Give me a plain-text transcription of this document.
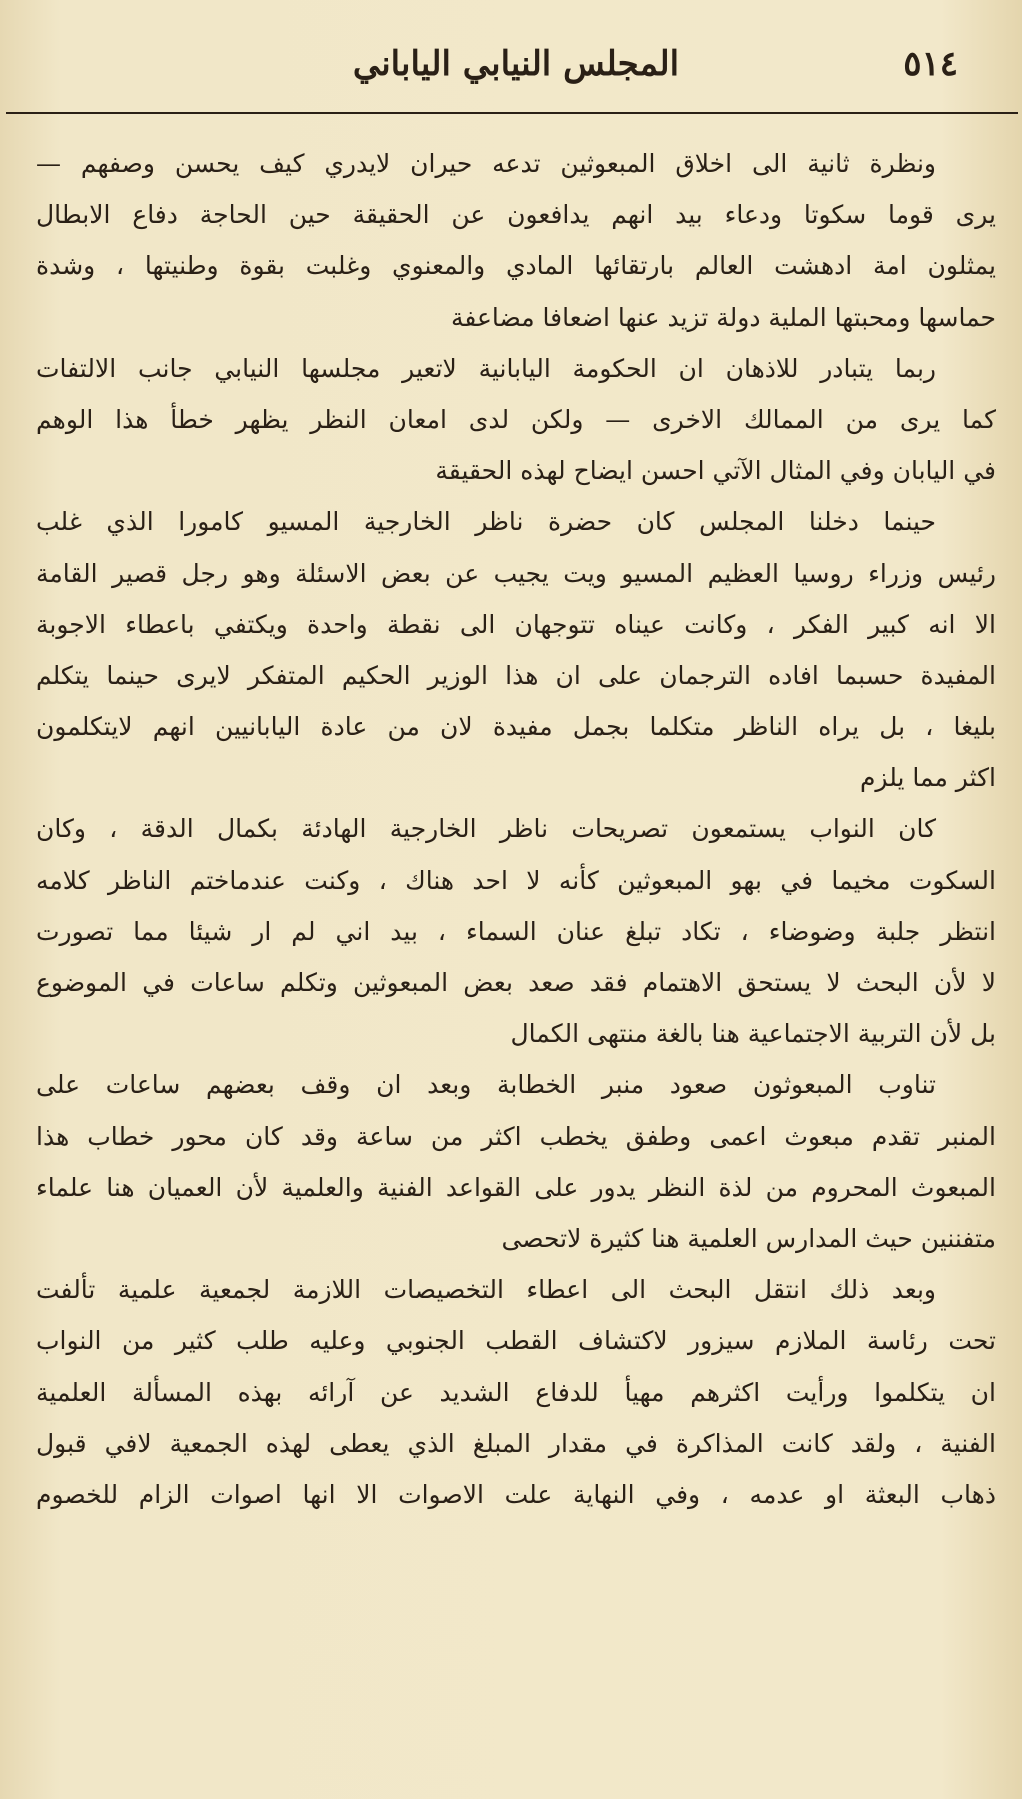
٥١٤
المجلس النيابي الياباني

ونظرة ثانية الى اخلاق المبعوثين تدعه حيران لايدري كيف يحسن وصفهم —
يرى قوما سكوتا ودعاء بيد انهم يدافعون عن الحقيقة حين الحاجة دفاع الابطال
يمثلون امة ادهشت العالم بارتقائها المادي والمعنوي وغلبت بقوة وطنيتها ، وشدة
حماسها ومحبتها الملية دولة تزيد عنها اضعافا مضاعفة

ربما يتبادر للاذهان ان الحكومة اليابانية لاتعير مجلسها النيابي جانب الالتفات
كما يرى من الممالك الاخرى — ولكن لدى امعان النظر يظهر خطأ هذا الوهم
في اليابان وفي المثال الآتي احسن ايضاح لهذه الحقيقة

حينما دخلنا المجلس كان حضرة ناظر الخارجية المسيو كامورا الذي غلب
رئيس وزراء روسيا العظيم المسيو ويت يجيب عن بعض الاسئلة وهو رجل قصير القامة
الا انه كبير الفكر ، وكانت عيناه تتوجهان الى نقطة واحدة ويكتفي باعطاء الاجوبة
المفيدة حسبما افاده الترجمان على ان هذا الوزير الحكيم المتفكر لايرى حينما يتكلم
بليغا ، بل يراه الناظر متكلما بجمل مفيدة لان من عادة اليابانيين انهم لايتكلمون
اكثر مما يلزم

كان النواب يستمعون تصريحات ناظر الخارجية الهادئة بكمال الدقة ، وكان
السكوت مخيما في بهو المبعوثين كأنه لا احد هناك ، وكنت عندماختم الناظر كلامه
انتظر جلبة وضوضاء ، تكاد تبلغ عنان السماء ، بيد اني لم ار شيئا مما تصورت
لا لأن البحث لا يستحق الاهتمام فقد صعد بعض المبعوثين وتكلم ساعات في الموضوع
بل لأن التربية الاجتماعية هنا بالغة منتهى الكمال

تناوب المبعوثون صعود منبر الخطابة وبعد ان وقف بعضهم ساعات على
المنبر تقدم مبعوث اعمى وطفق يخطب اكثر من ساعة وقد كان محور خطاب هذا
المبعوث المحروم من لذة النظر يدور على القواعد الفنية والعلمية لأن العميان هنا علماء
متفننين حيث المدارس العلمية هنا كثيرة لاتحصى

وبعد ذلك انتقل البحث الى اعطاء التخصيصات اللازمة لجمعية علمية تألفت
تحت رئاسة الملازم سيزور لاكتشاف القطب الجنوبي وعليه طلب كثير من النواب
ان يتكلموا ورأيت اكثرهم مهيأ للدفاع الشديد عن آرائه بهذه المسألة العلمية
الفنية ، ولقد كانت المذاكرة في مقدار المبلغ الذي يعطى لهذه الجمعية لافي قبول
ذهاب البعثة او عدمه ، وفي النهاية علت الاصوات الا انها اصوات الزام للخصوم
